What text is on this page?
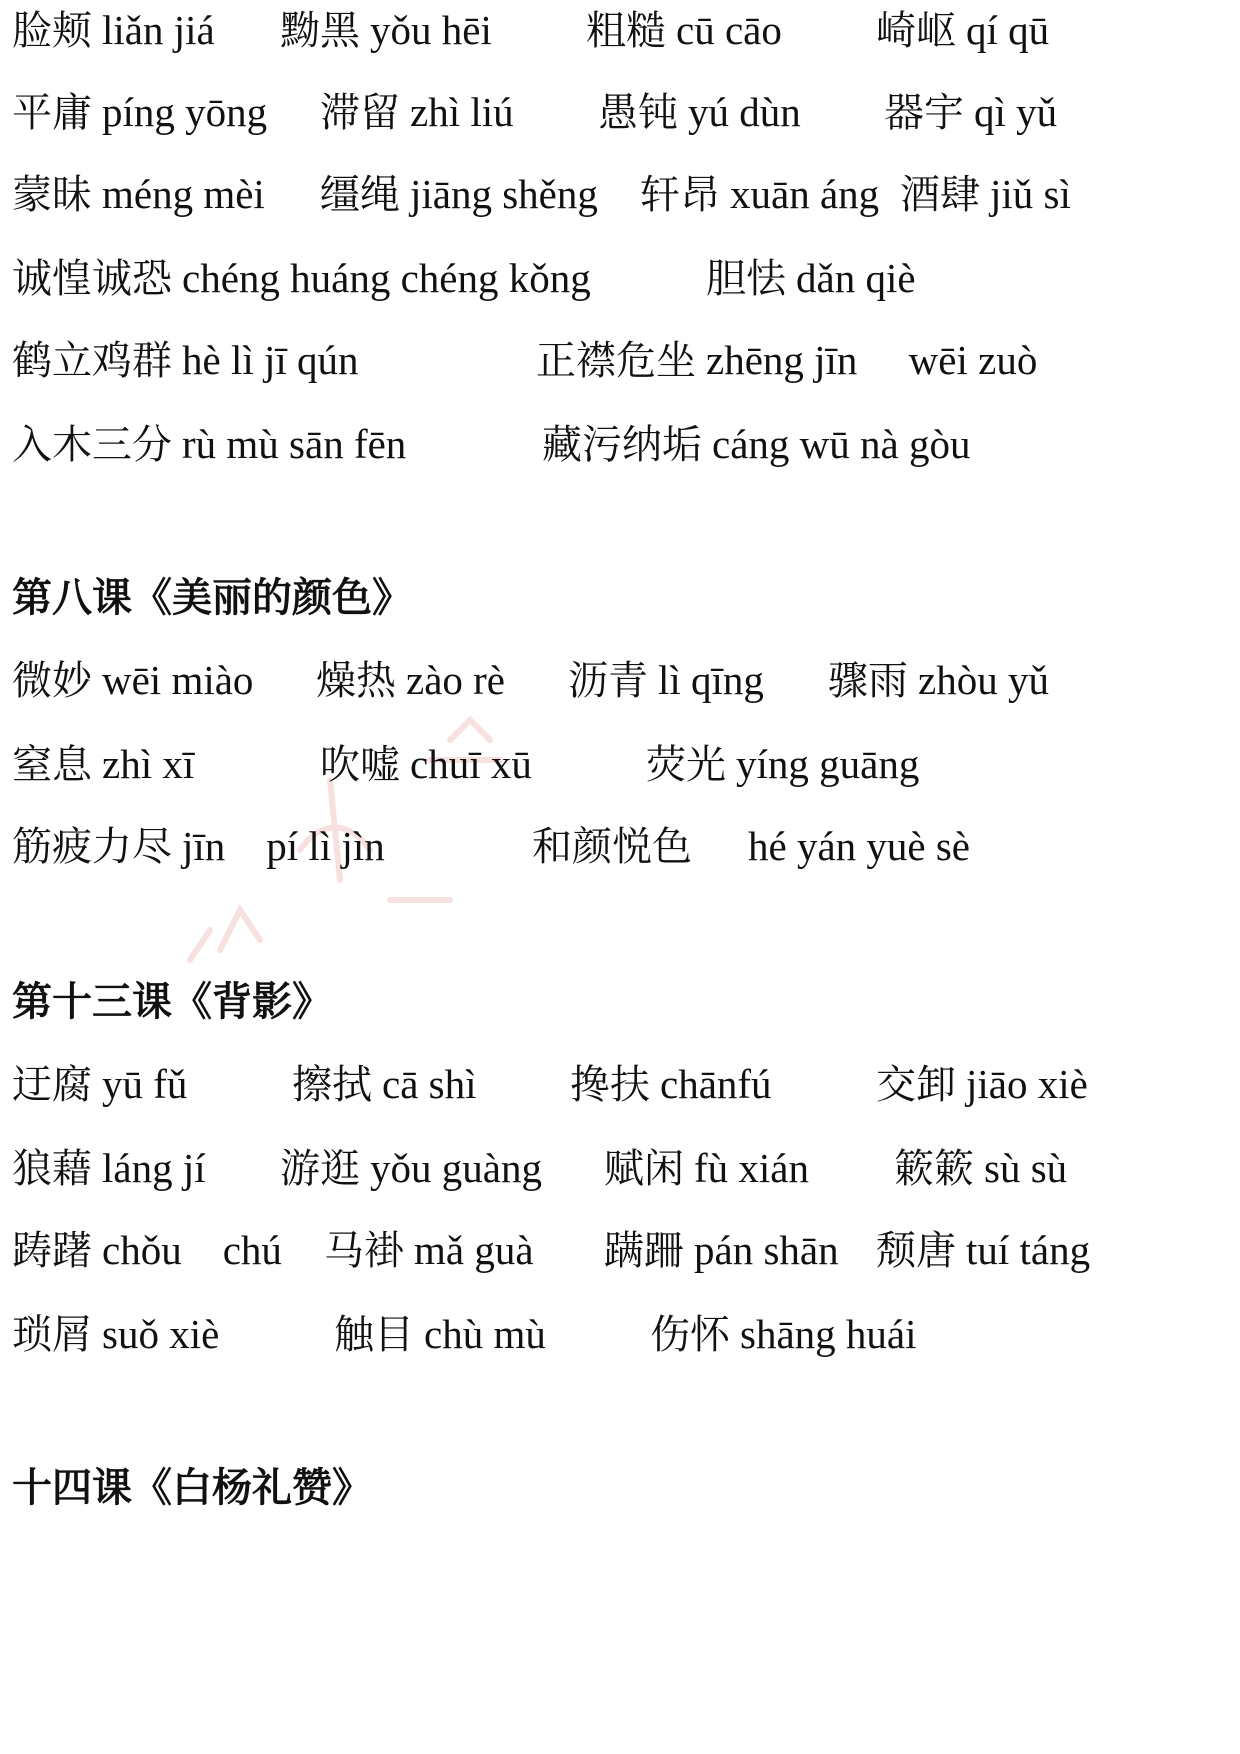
脸颊 liǎn jiá 黝黑 yǒu hēi 粗糙 cū cāo 崎岖 qí qū
平庸 píng yōng 滞留 zhì liú 愚钝 yú dùn 器宇 qì yǔ
蒙昧 méng mèi 缰绳 jiāng shěng 轩昂 xuān áng 酒肆 jiǔ sì
诚惶诚恐 chéng huáng chéng kǒng	胆怯 dǎn qiè
鹤立鸡群 hè lì jī qún	正襟危坐 zhēng jīn　 wēi zuò
入木三分 rù mù sān fēn	藏污纳垢 cáng wū nà gòu
第八课《美丽的颜色》
微妙 wēi miào 燥热 zào rè 沥青 lì qīng 骤雨 zhòu yǔ
窒息 zhì xī	吹嘘 chuī xū	荧光 yíng guāng
筋疲力尽 jīn　pí lì jìn	和颜悦色 hé yán yuè sè
第十三课《背影》
迂腐 yū fǔ	擦拭 cā shì 搀扶 chānfú	交卸 jiāo xiè
狼藉 láng jí 游逛 yǒu guàng 赋闲 fù xián 簌簌 sù sù
踌躇 chǒu　chú 马褂 mǎ guà 蹒跚 pán shān 颓唐 tuí táng
琐屑 suǒ xiè	触目 chù mù	伤怀 shāng huái
十四课《白杨礼赞》
